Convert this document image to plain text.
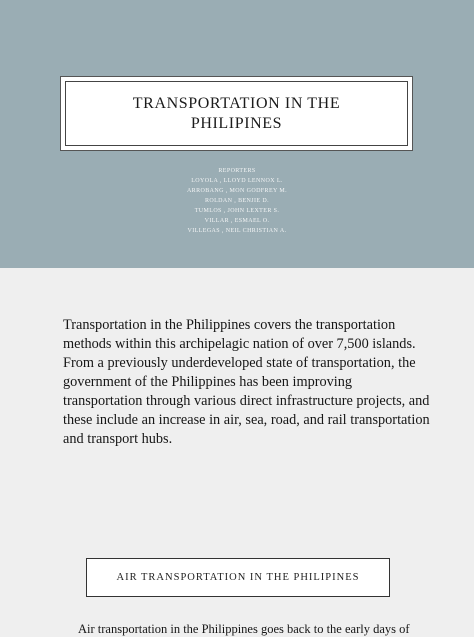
TRANSPORTATION IN THE PHILIPINES
REPORTERS
LOYOLA , LLOYD LENNOX L.
ARROBANG , MON GODFREY M.
ROLDAN , BENJIE D.
TUMLOS , JOHN LEXTER S.
VILLAR , ESMAEL O.
VILLEGAS , NEIL CHRISTIAN A.
Transportation in the Philippines covers the transportation methods within this archipelagic nation of over 7,500 islands. From a previously underdeveloped state of transportation, the government of the Philippines has been improving transportation through various direct infrastructure projects, and these include an increase in air, sea, road, and rail transportation and transport hubs.
AIR TRANSPORTATION IN THE PHILIPINES
Air transportation in the Philippines goes back to the early days of
